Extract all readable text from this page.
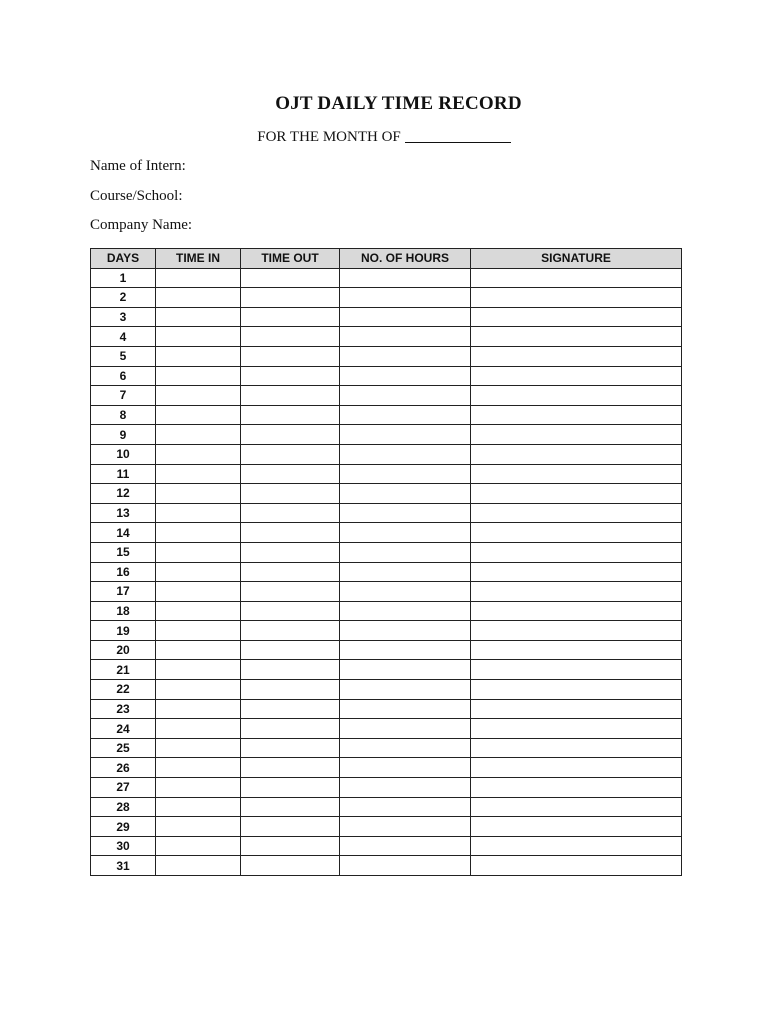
OJT DAILY TIME RECORD
FOR THE MONTH OF
Name of Intern:
Course/School:
Company Name:
DAYS	TIME IN	TIME OUT	NO. OF HOURS	SIGNATURE
1				
2				
3				
4				
5				
6				
7				
8				
9				
10				
11				
12				
13				
14				
15				
16				
17				
18				
19				
20				
21				
22				
23				
24				
25				
26				
27				
28				
29				
30				
31				
